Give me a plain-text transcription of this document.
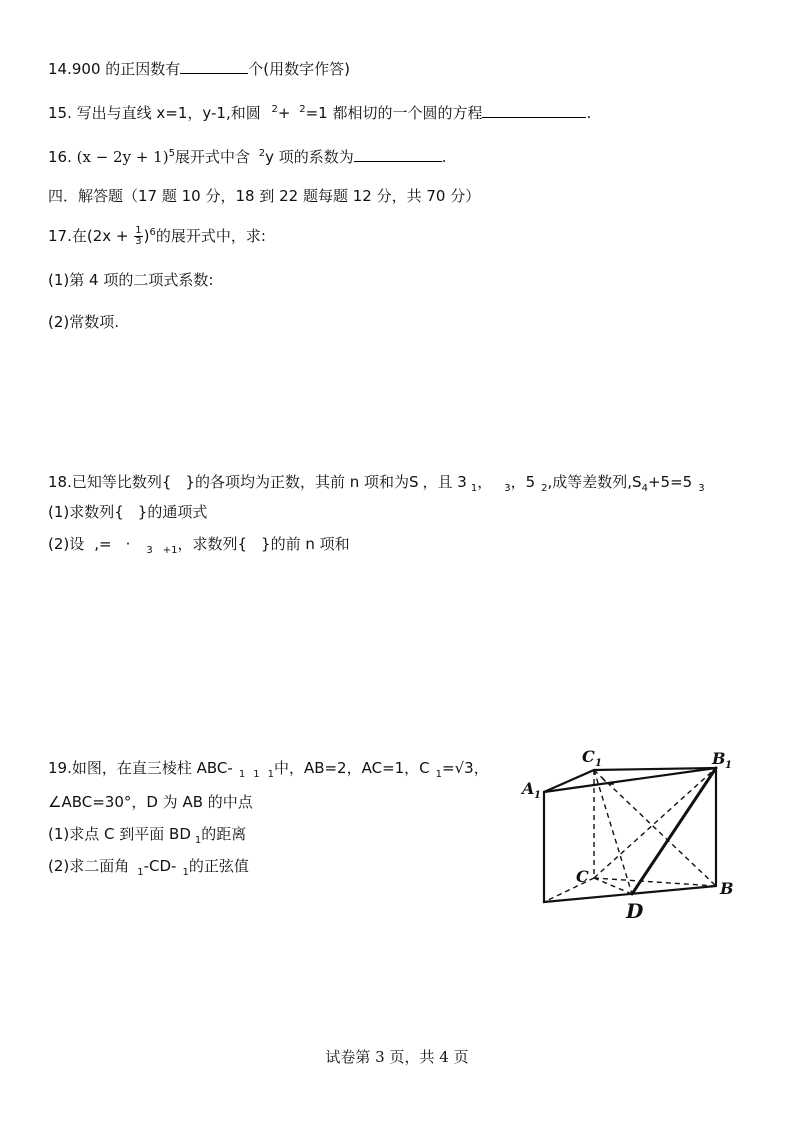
14.900 的正因数有	个(用数字作答)
15. 写出与直线 x=1，y-1,和圆 $^2$+ $^2$=1 都相切的一个圆的方程	.
16. $(x - 2y + 1)^5$展开式中含 $^2$y 项的系数为	.
四．解答题（17 题 10 分，18 到 22 题每题 12 分，共 70 分）
17.在$(2x + \frac{1}{3} )^6$的展开式中，求:
(1)第 4 项的二项式系数:
(2)常数项.
18.已知等比数列{ }的各项均为正数，其前 n 项和为S ，且 3 $_1$， $_3$，5 $_2$,成等差数列$,S_4+5=5$ $_3$
(1)求数列{ }的通项式
(2)设 ,= · $_3$ $_{+1}$，求数列{ }的前 n 项和
19.如图，在直三棱柱 ABC- $_1$ $_1$ $_1$中，AB=2，AC=1，C $_1$=√3，
∠ABC=30°，D 为 AB 的中点
(1)求点 C 到平面 BD $_1$的距离
(2)求二面角 $_1$-CD- $_1$的正弦值
C 1	B 1
A 1
C
B
D
试卷第 3 页，共 4 页
